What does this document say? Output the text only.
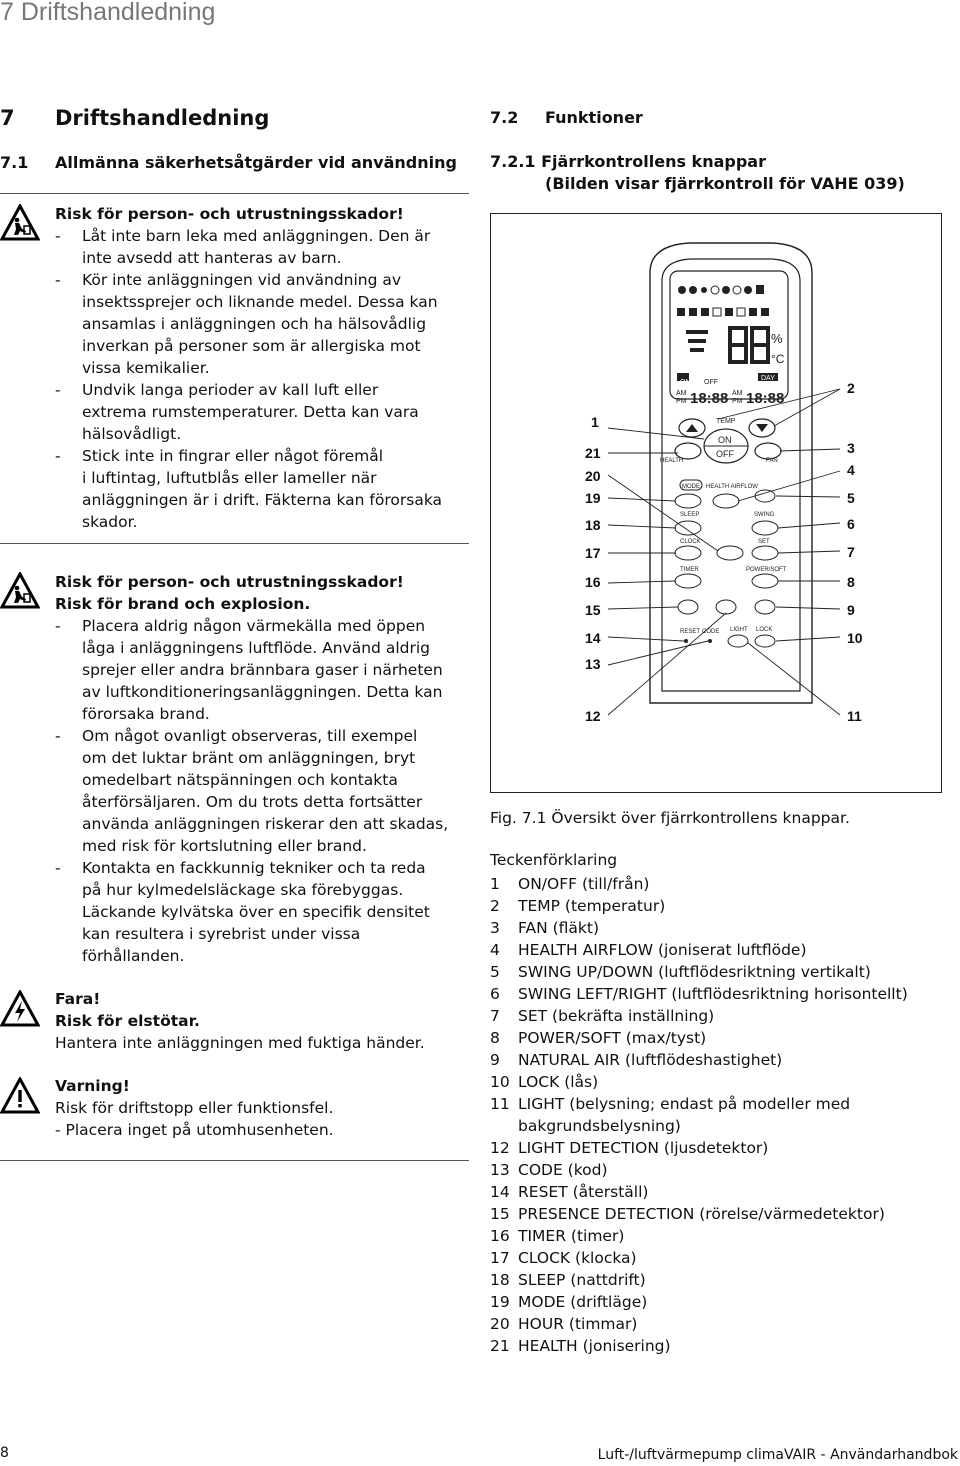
7 Driftshandledning
7 Driftshandledning
7.1 Allmänna säkerhetsåtgärder vid användning
Risk för person- och utrustningsskador!
- Låt inte barn leka med anläggningen. Den är
inte avsedd att hanteras av barn.
- Kör inte anläggningen vid användning av
insektssprejer och liknande medel. Dessa kan
ansamlas i anläggningen och ha hälsovådlig
inverkan på personer som är allergiska mot
vissa kemikalier.
- Undvik langa perioder av kall luft eller
extrema rumstemperaturer. Detta kan vara
hälsovådligt.
- Stick inte in fingrar eller något föremål
i luftintag, luftutblås eller lameller när
anläggningen är i drift. Fäkterna kan förorsaka
skador.
Risk för person- och utrustningsskador!
Risk för brand och explosion.
- Placera aldrig någon värmekälla med öppen
låga i anläggningens luftflöde. Använd aldrig
sprejer eller andra brännbara gaser i närheten
av luftkonditioneringsanläggningen. Detta kan
förorsaka brand.
- Om något ovanligt observeras, till exempel
om det luktar bränt om anläggningen, bryt
omedelbart nätspänningen och kontakta
återförsäljaren. Om du trots detta fortsätter
använda anläggningen riskerar den att skadas,
med risk för kortslutning eller brand.
- Kontakta en fackkunnig tekniker och ta reda
på hur kylmedelsläckage ska förebyggas.
Läckande kylvätska över en specifik densitet
kan resultera i syrebrist under vissa
förhållanden.
Fara!
Risk för elstötar.
Hantera inte anläggningen med fuktiga händer.
Varning!
Risk för driftstopp eller funktionsfel.
- Placera inget på utomhusenheten.
7.2 Funktioner
7.2.1 Fjärrkontrollens knappar
(Bilden visar fjärrkontroll för VAHE 039)
%
°C
ON OFF
DAY
AM
PM 18:88 AM
PM 18:88
TEMP
ON
OFF
HEALTH	FAN
MODE HEALTH AIRFLOW
SLEEP	SWING
CLOCK	SET
TIMER	POWER/SOFT
RESET CODE LIGHT LOCK
1
21
20
19
18
17
16
15
14
13
12
2
3
4
5
6
7
8
9
10
11
Fig. 7.1 Översikt över fjärrkontrollens knappar.
Teckenförklaring
1 ON/OFF (till/från)
2 TEMP (temperatur)
3 FAN (fläkt)
4 HEALTH AIRFLOW (joniserat luftflöde)
5 SWING UP/DOWN (luftflödesriktning vertikalt)
6 SWING LEFT/RIGHT (luftflödesriktning horisontellt)
7 SET (bekräfta inställning)
8 POWER/SOFT (max/tyst)
9 NATURAL AIR (luftflödeshastighet)
10 LOCK (lås)
11 LIGHT (belysning; endast på modeller med
bakgrundsbelysning)
12 LIGHT DETECTION (ljusdetektor)
13 CODE (kod)
14 RESET (återställ)
15 PRESENCE DETECTION (rörelse/värmedetektor)
16 TIMER (timer)
17 CLOCK (klocka)
18 SLEEP (nattdrift)
19 MODE (driftläge)
20 HOUR (timmar)
21 HEALTH (jonisering)
8	Luft-/luftvärmepump climaVAIR - Användarhandbok
